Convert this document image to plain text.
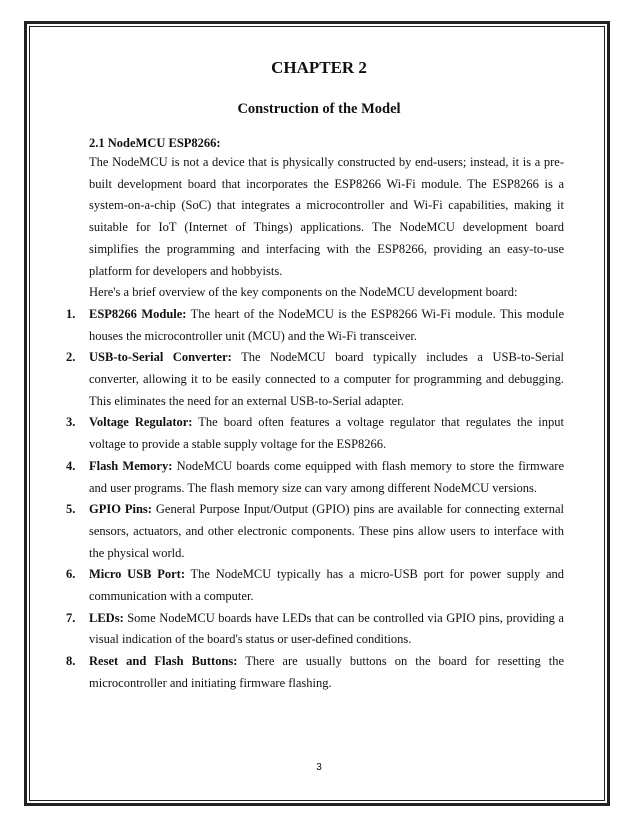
CHAPTER 2
Construction of the Model

2.1 NodeMCU ESP8266:

The NodeMCU is not a device that is physically constructed by end-users; instead, it is a pre-built development board that incorporates the ESP8266 Wi-Fi module. The ESP8266 is a system-on-a-chip (SoC) that integrates a microcontroller and Wi-Fi capabilities, making it suitable for IoT (Internet of Things) applications. The NodeMCU development board simplifies the programming and interfacing with the ESP8266, providing an easy-to-use platform for developers and hobbyists.

Here's a brief overview of the key components on the NodeMCU development board:

1. ESP8266 Module: The heart of the NodeMCU is the ESP8266 Wi-Fi module. This module houses the microcontroller unit (MCU) and the Wi-Fi transceiver.
2. USB-to-Serial Converter: The NodeMCU board typically includes a USB-to-Serial converter, allowing it to be easily connected to a computer for programming and debugging. This eliminates the need for an external USB-to-Serial adapter.
3. Voltage Regulator: The board often features a voltage regulator that regulates the input voltage to provide a stable supply voltage for the ESP8266.
4. Flash Memory: NodeMCU boards come equipped with flash memory to store the firmware and user programs. The flash memory size can vary among different NodeMCU versions.
5. GPIO Pins: General Purpose Input/Output (GPIO) pins are available for connecting external sensors, actuators, and other electronic components. These pins allow users to interface with the physical world.
6. Micro USB Port: The NodeMCU typically has a micro-USB port for power supply and communication with a computer.
7. LEDs: Some NodeMCU boards have LEDs that can be controlled via GPIO pins, providing a visual indication of the board's status or user-defined conditions.
8. Reset and Flash Buttons: There are usually buttons on the board for resetting the microcontroller and initiating firmware flashing.
3
